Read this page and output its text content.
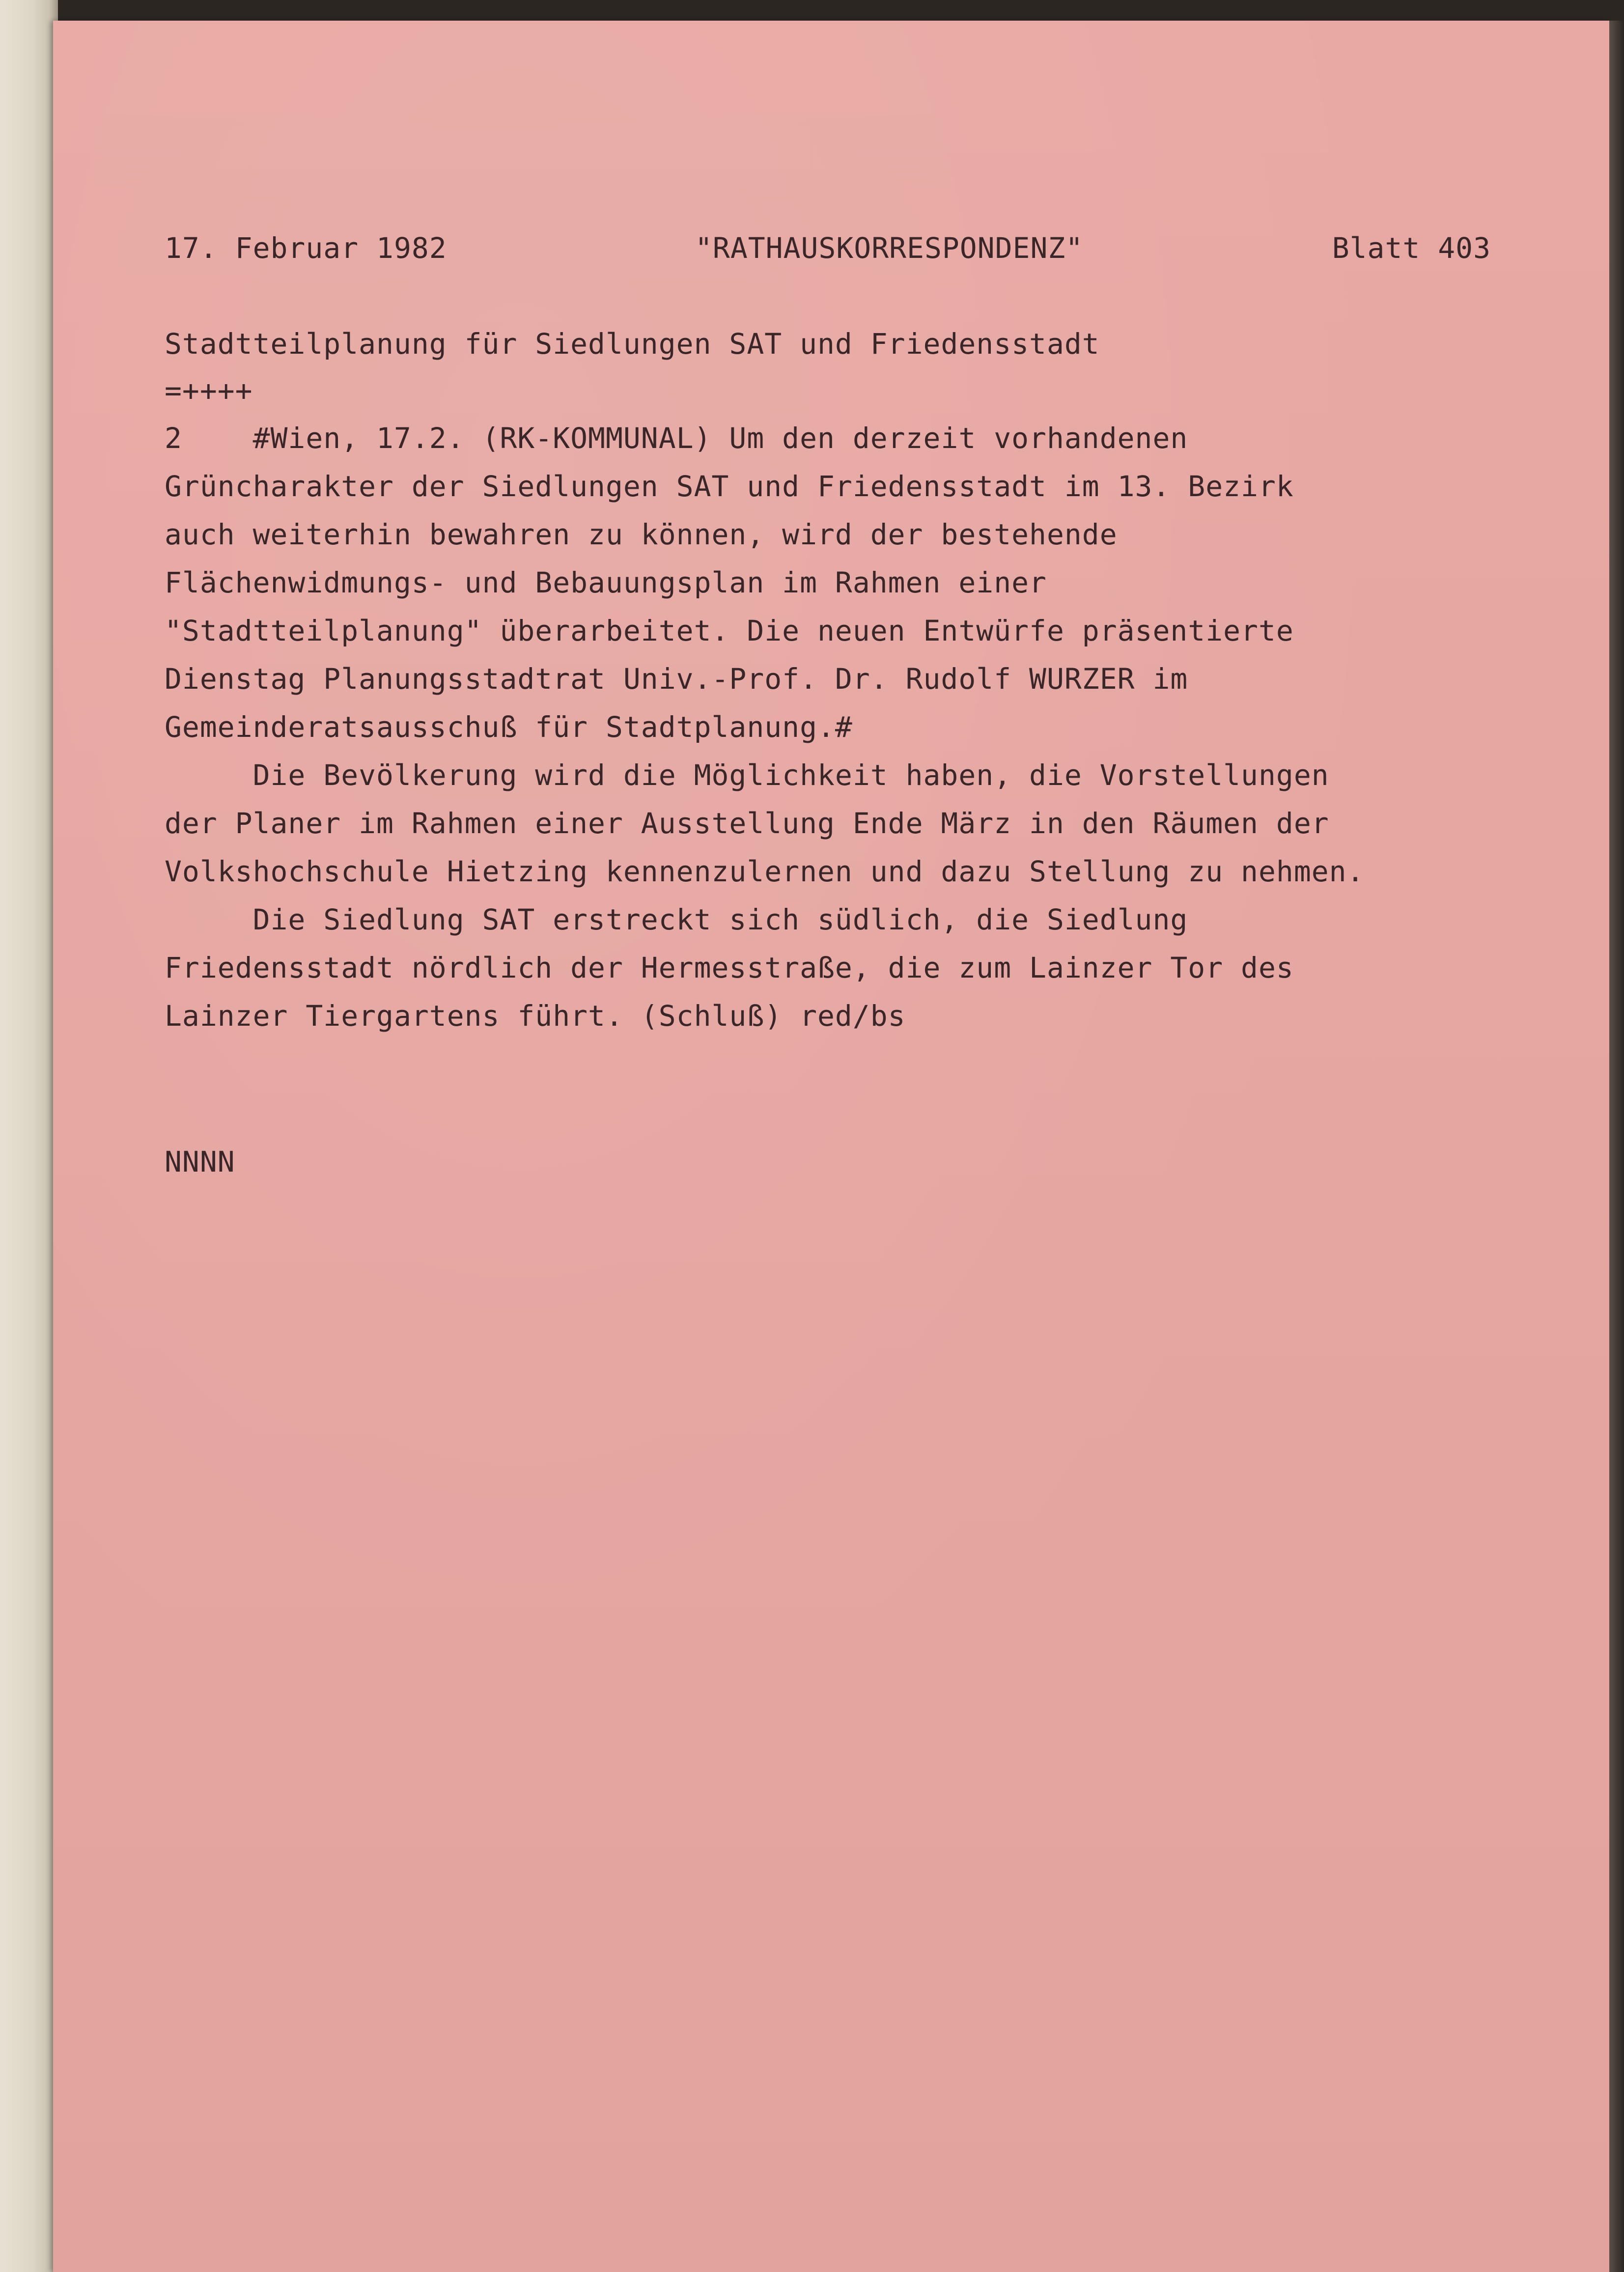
17. Februar 1982	"RATHAUSKORRESPONDENZ"	Blatt 403

Stadtteilplanung für Siedlungen SAT und Friedensstadt

=++++

2    #Wien, 17.2. (RK-KOMMUNAL) Um den derzeit vorhandenen

Grüncharakter der Siedlungen SAT und Friedensstadt im 13. Bezirk

auch weiterhin bewahren zu können, wird der bestehende

Flächenwidmungs- und Bebauungsplan im Rahmen einer

"Stadtteilplanung" überarbeitet. Die neuen Entwürfe präsentierte

Dienstag Planungsstadtrat Univ.-Prof. Dr. Rudolf WURZER im

Gemeinderatsausschuß für Stadtplanung.#

Die Bevölkerung wird die Möglichkeit haben, die Vorstellungen

der Planer im Rahmen einer Ausstellung Ende März in den Räumen der

Volkshochschule Hietzing kennenzulernen und dazu Stellung zu nehmen.

Die Siedlung SAT erstreckt sich südlich, die Siedlung

Friedensstadt nördlich der Hermesstraße, die zum Lainzer Tor des

Lainzer Tiergartens führt. (Schluß) red/bs

NNNN
